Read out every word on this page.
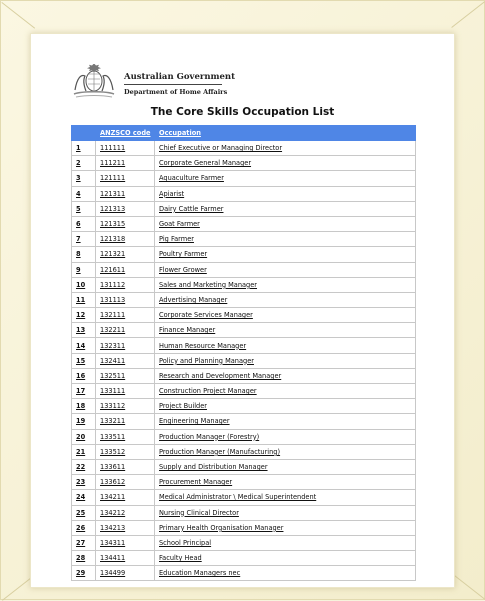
Australian Government
Department of Home Affairs
The Core Skills Occupation List
	ANZSCO code	Occupation
1	111111	Chief Executive or Managing Director
2	111211	Corporate General Manager
3	121111	Aquaculture Farmer
4	121311	Apiarist
5	121313	Dairy Cattle Farmer
6	121315	Goat Farmer
7	121318	Pig Farmer
8	121321	Poultry Farmer
9	121611	Flower Grower
10	131112	Sales and Marketing Manager
11	131113	Advertising Manager
12	132111	Corporate Services Manager
13	132211	Finance Manager
14	132311	Human Resource Manager
15	132411	Policy and Planning Manager
16	132511	Research and Development Manager
17	133111	Construction Project Manager
18	133112	Project Builder
19	133211	Engineering Manager
20	133511	Production Manager (Forestry)
21	133512	Production Manager (Manufacturing)
22	133611	Supply and Distribution Manager
23	133612	Procurement Manager
24	134211	Medical Administrator \ Medical Superintendent
25	134212	Nursing Clinical Director
26	134213	Primary Health Organisation Manager
27	134311	School Principal
28	134411	Faculty Head
29	134499	Education Managers nec
